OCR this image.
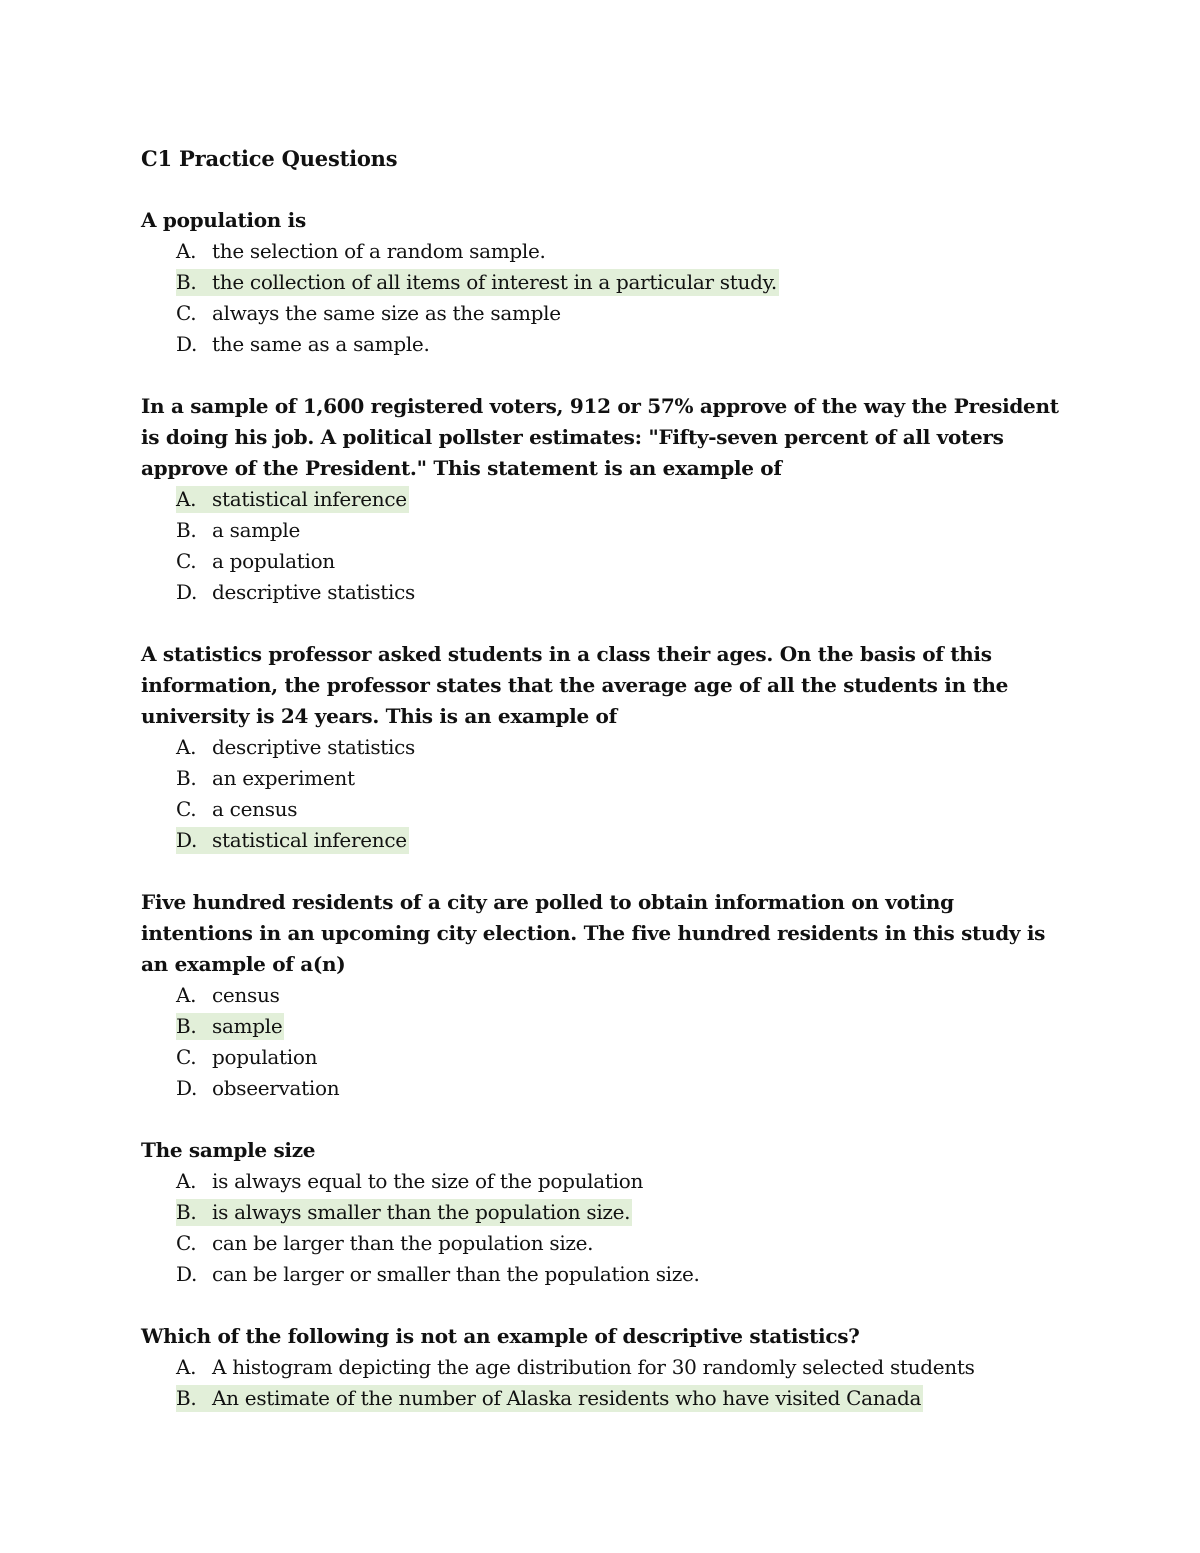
C1 Practice Questions

A population is

A. the selection of a random sample.
B. the collection of all items of interest in a particular study.
C. always the same size as the sample
D. the same as a sample.

In a sample of 1,600 registered voters, 912 or 57% approve of the way the President is doing his job. A political pollster estimates: "Fifty-seven percent of all voters approve of the President." This statement is an example of

A. statistical inference
B. a sample
C. a population
D. descriptive statistics

A statistics professor asked students in a class their ages. On the basis of this information, the professor states that the average age of all the students in the university is 24 years. This is an example of

A. descriptive statistics
B. an experiment
C. a census
D. statistical inference

Five hundred residents of a city are polled to obtain information on voting intentions in an upcoming city election. The five hundred residents in this study is an example of a(n)

A. census
B. sample
C. population
D. obseervation

The sample size

A. is always equal to the size of the population
B. is always smaller than the population size.
C. can be larger than the population size.
D. can be larger or smaller than the population size.

Which of the following is not an example of descriptive statistics?

A. A histogram depicting the age distribution for 30 randomly selected students
B. An estimate of the number of Alaska residents who have visited Canada
